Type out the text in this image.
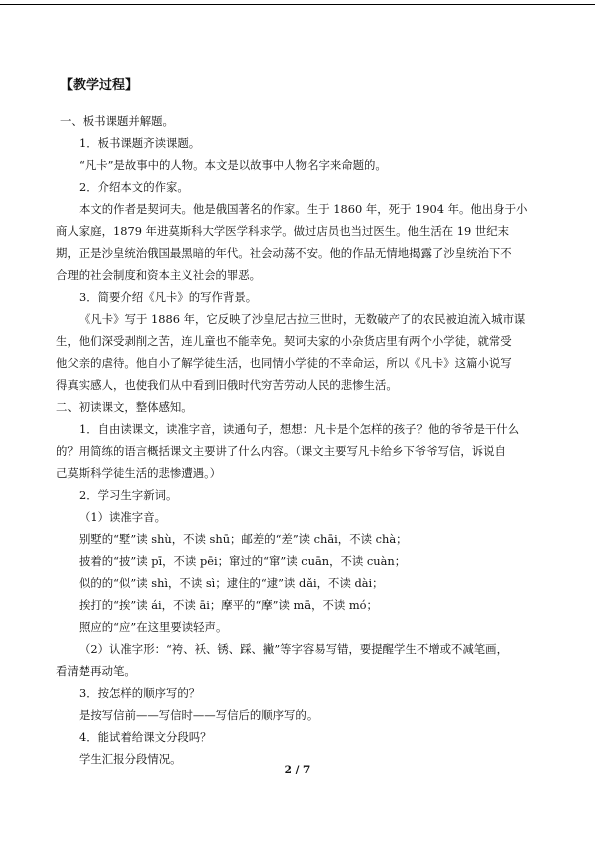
【教学过程】
一、板书课题并解题。
1．板书课题齐读课题。
“凡卡”是故事中的人物。本文是以故事中人物名字来命题的。
2．介绍本文的作家。
本文的作者是契诃夫。他是俄国著名的作家。生于 1860 年，死于 1904 年。他出身于小
商人家庭，1879 年进莫斯科大学医学科求学。做过店员也当过医生。他生活在 19 世纪末
期，正是沙皇统治俄国最黑暗的年代。社会动荡不安。他的作品无情地揭露了沙皇统治下不
合理的社会制度和资本主义社会的罪恶。
3．简要介绍《凡卡》的写作背景。
《凡卡》写于 1886 年，它反映了沙皇尼古拉三世时，无数破产了的农民被迫流入城市谋
生，他们深受剥削之苦，连儿童也不能幸免。契诃夫家的小杂货店里有两个小学徒，就常受
他父亲的虐待。他自小了解学徒生活，也同情小学徒的不幸命运，所以《凡卡》这篇小说写
得真实感人，也使我们从中看到旧俄时代穷苦劳动人民的悲惨生活。
二、初读课文，整体感知。
1．自由读课文，读准字音，读通句子，想想：凡卡是个怎样的孩子？他的爷爷是干什么
的？用简练的语言概括课文主要讲了什么内容。（课文主要写凡卡给乡下爷爷写信，诉说自
己莫斯科学徒生活的悲惨遭遇。）
2．学习生字新词。
（1）读准字音。
别墅的“墅”读 shù，不读 shū；邮差的“差”读 chāi，不读 chà；
披着的“披”读 pī，不读 pēi；窜过的“窜”读 cuān，不读 cuàn；
似的的“似”读 shì，不读 sì；逮住的“逮”读 dǎi，不读 dài；
挨打的“挨”读 ái，不读 āi；摩平的“摩”读 mā，不读 mó；
照应的“应”在这里要读轻声。
（2）认准字形：“袴、袄、锈、踩、撇”等字容易写错，要提醒学生不增或不减笔画，
看清楚再动笔。
3．按怎样的顺序写的？
是按写信前——写信时——写信后的顺序写的。
4．能试着给课文分段吗？
学生汇报分段情况。
2 / 7
